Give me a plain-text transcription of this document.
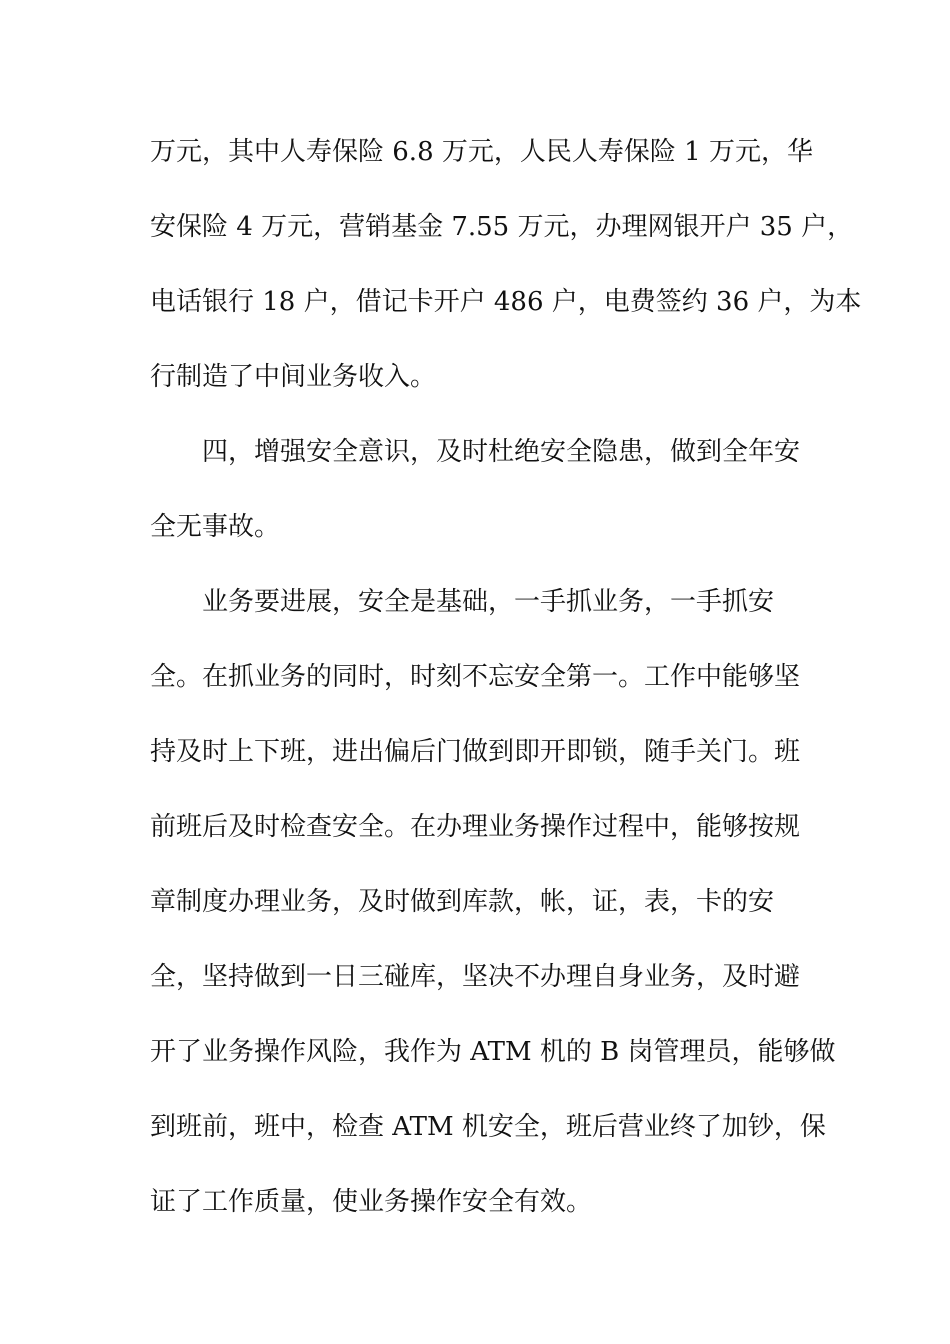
万元，其中人寿保险 6.8 万元，人民人寿保险 1 万元，华
安保险 4 万元，营销基金 7.55 万元，办理网银开户 35 户，
电话银行 18 户，借记卡开户 486 户，电费签约 36 户，为本
行制造了中间业务收入。
四，增强安全意识，及时杜绝安全隐患，做到全年安
全无事故。
业务要进展，安全是基础，一手抓业务，一手抓安
全。在抓业务的同时，时刻不忘安全第一。工作中能够坚
持及时上下班，进出偏后门做到即开即锁，随手关门。班
前班后及时检查安全。在办理业务操作过程中，能够按规
章制度办理业务，及时做到库款，帐，证，表，卡的安
全，坚持做到一日三碰库，坚决不办理自身业务，及时避
开了业务操作风险，我作为 ATM 机的 B 岗管理员，能够做
到班前，班中，检查 ATM 机安全，班后营业终了加钞，保
证了工作质量，使业务操作安全有效。
